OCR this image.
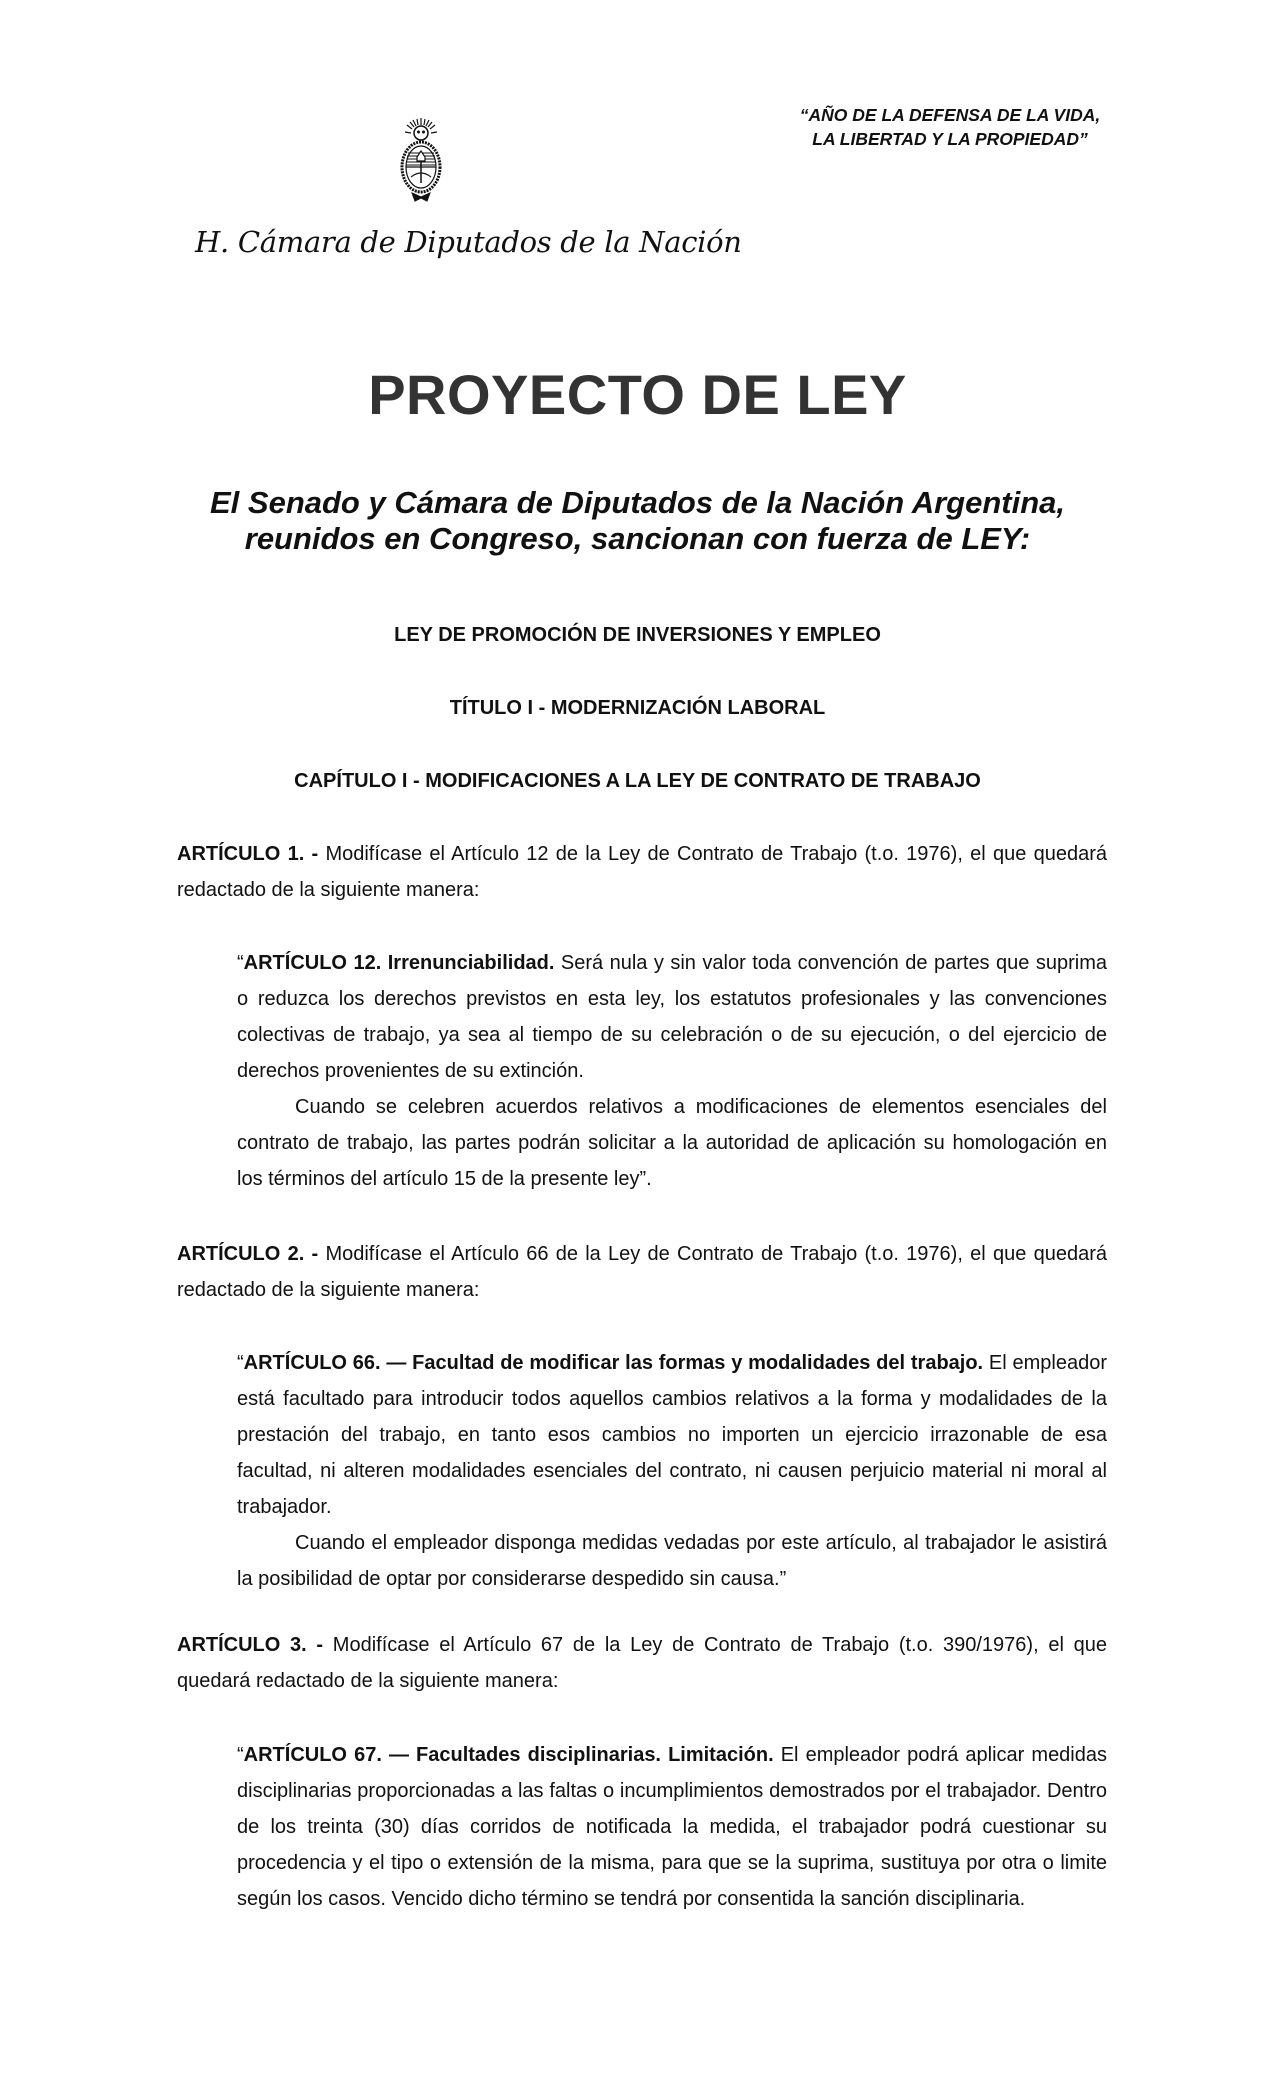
“AÑO DE LA DEFENSA DE LA VIDA,
LA LIBERTAD Y LA PROPIEDAD”
H. Cámara de Diputados de la Nación
PROYECTO DE LEY
El Senado y Cámara de Diputados de la Nación Argentina,
reunidos en Congreso, sancionan con fuerza de LEY:
LEY DE PROMOCIÓN DE INVERSIONES Y EMPLEO
TÍTULO I - MODERNIZACIÓN LABORAL
CAPÍTULO I - MODIFICACIONES A LA LEY DE CONTRATO DE TRABAJO

ARTÍCULO 1. - Modifícase el Artículo 12 de la Ley de Contrato de Trabajo (t.o. 1976), el que quedará redactado de la siguiente manera:

“ARTÍCULO 12. Irrenunciabilidad. Será nula y sin valor toda convención de partes que suprima o reduzca los derechos previstos en esta ley, los estatutos profesionales y las convenciones colectivas de trabajo, ya sea al tiempo de su celebración o de su ejecución, o del ejercicio de derechos provenientes de su extinción.

Cuando se celebren acuerdos relativos a modificaciones de elementos esenciales del contrato de trabajo, las partes podrán solicitar a la autoridad de aplicación su homologación en los términos del artículo 15 de la presente ley”.

ARTÍCULO 2. - Modifícase el Artículo 66 de la Ley de Contrato de Trabajo (t.o. 1976), el que quedará redactado de la siguiente manera:

“ARTÍCULO 66. — Facultad de modificar las formas y modalidades del trabajo. El empleador está facultado para introducir todos aquellos cambios relativos a la forma y modalidades de la prestación del trabajo, en tanto esos cambios no importen un ejercicio irrazonable de esa facultad, ni alteren modalidades esenciales del contrato, ni causen perjuicio material ni moral al trabajador.

Cuando el empleador disponga medidas vedadas por este artículo, al trabajador le asistirá la posibilidad de optar por considerarse despedido sin causa.”

ARTÍCULO 3. - Modifícase el Artículo 67 de la Ley de Contrato de Trabajo (t.o. 390/1976), el que quedará redactado de la siguiente manera:

“ARTÍCULO 67. — Facultades disciplinarias. Limitación. El empleador podrá aplicar medidas disciplinarias proporcionadas a las faltas o incumplimientos demostrados por el trabajador. Dentro de los treinta (30) días corridos de notificada la medida, el trabajador podrá cuestionar su procedencia y el tipo o extensión de la misma, para que se la suprima, sustituya por otra o limite según los casos. Vencido dicho término se tendrá por consentida la sanción disciplinaria.
